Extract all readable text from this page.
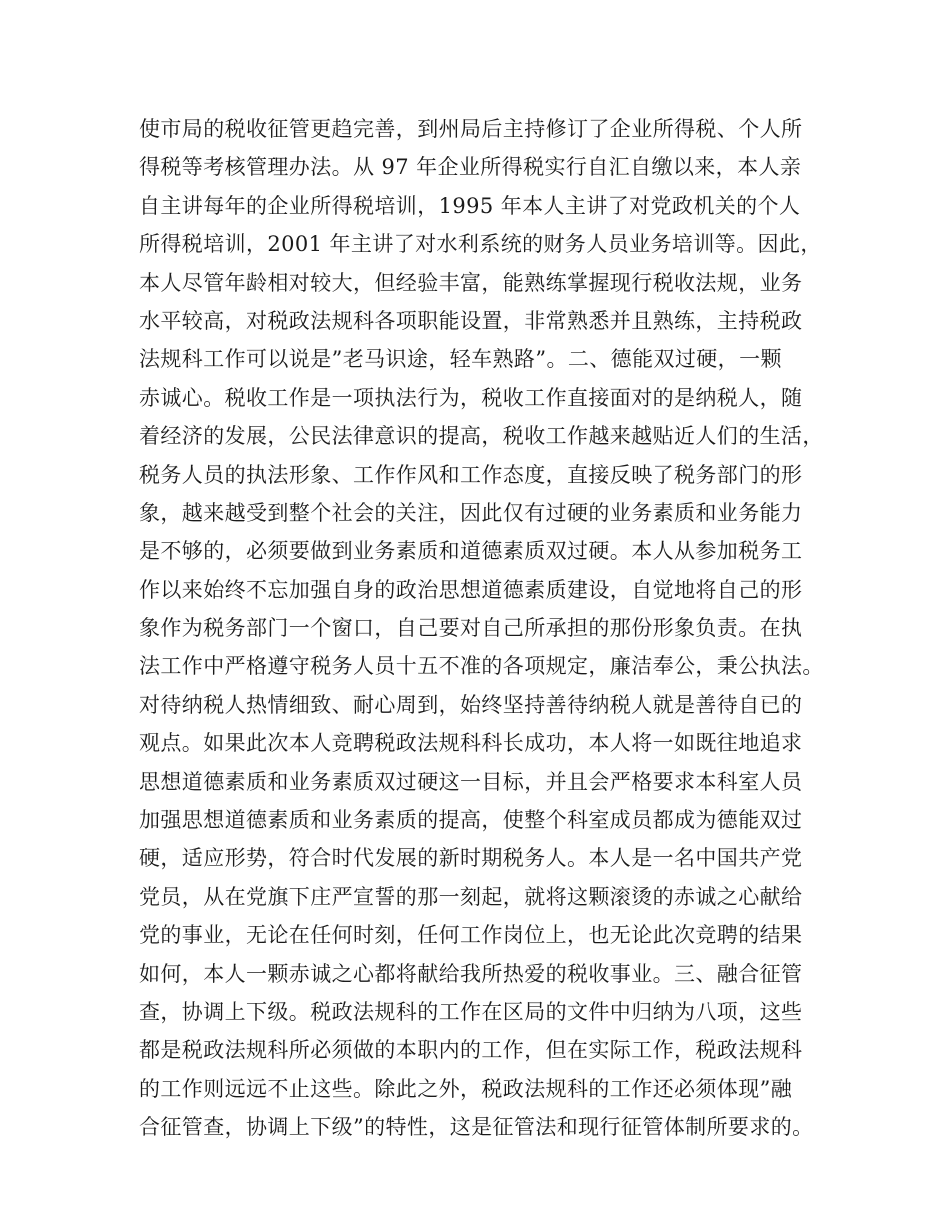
使市局的税收征管更趋完善，到州局后主持修订了企业所得税、个人所
得税等考核管理办法。从 97 年企业所得税实行自汇自缴以来，本人亲
自主讲每年的企业所得税培训，1995 年本人主讲了对党政机关的个人
所得税培训，2001 年主讲了对水利系统的财务人员业务培训等。因此，
本人尽管年龄相对较大，但经验丰富，能熟练掌握现行税收法规，业务
水平较高，对税政法规科各项职能设置，非常熟悉并且熟练，主持税政
法规科工作可以说是”老马识途，轻车熟路”。二、德能双过硬，一颗
赤诚心。税收工作是一项执法行为，税收工作直接面对的是纳税人，随
着经济的发展，公民法律意识的提高，税收工作越来越贴近人们的生活，
税务人员的执法形象、工作作风和工作态度，直接反映了税务部门的形
象，越来越受到整个社会的关注，因此仅有过硬的业务素质和业务能力
是不够的，必须要做到业务素质和道德素质双过硬。本人从参加税务工
作以来始终不忘加强自身的政治思想道德素质建设，自觉地将自己的形
象作为税务部门一个窗口，自己要对自己所承担的那份形象负责。在执
法工作中严格遵守税务人员十五不准的各项规定，廉洁奉公，秉公执法。
对待纳税人热情细致、耐心周到，始终坚持善待纳税人就是善待自已的
观点。如果此次本人竞聘税政法规科科长成功，本人将一如既往地追求
思想道德素质和业务素质双过硬这一目标，并且会严格要求本科室人员
加强思想道德素质和业务素质的提高，使整个科室成员都成为德能双过
硬，适应形势，符合时代发展的新时期税务人。本人是一名中国共产党
党员，从在党旗下庄严宣誓的那一刻起，就将这颗滚烫的赤诚之心献给
党的事业，无论在任何时刻，任何工作岗位上，也无论此次竞聘的结果
如何，本人一颗赤诚之心都将献给我所热爱的税收事业。三、融合征管
查，协调上下级。税政法规科的工作在区局的文件中归纳为八项，这些
都是税政法规科所必须做的本职内的工作，但在实际工作，税政法规科
的工作则远远不止这些。除此之外，税政法规科的工作还必须体现”融
合征管查，协调上下级”的特性，这是征管法和现行征管体制所要求的。
